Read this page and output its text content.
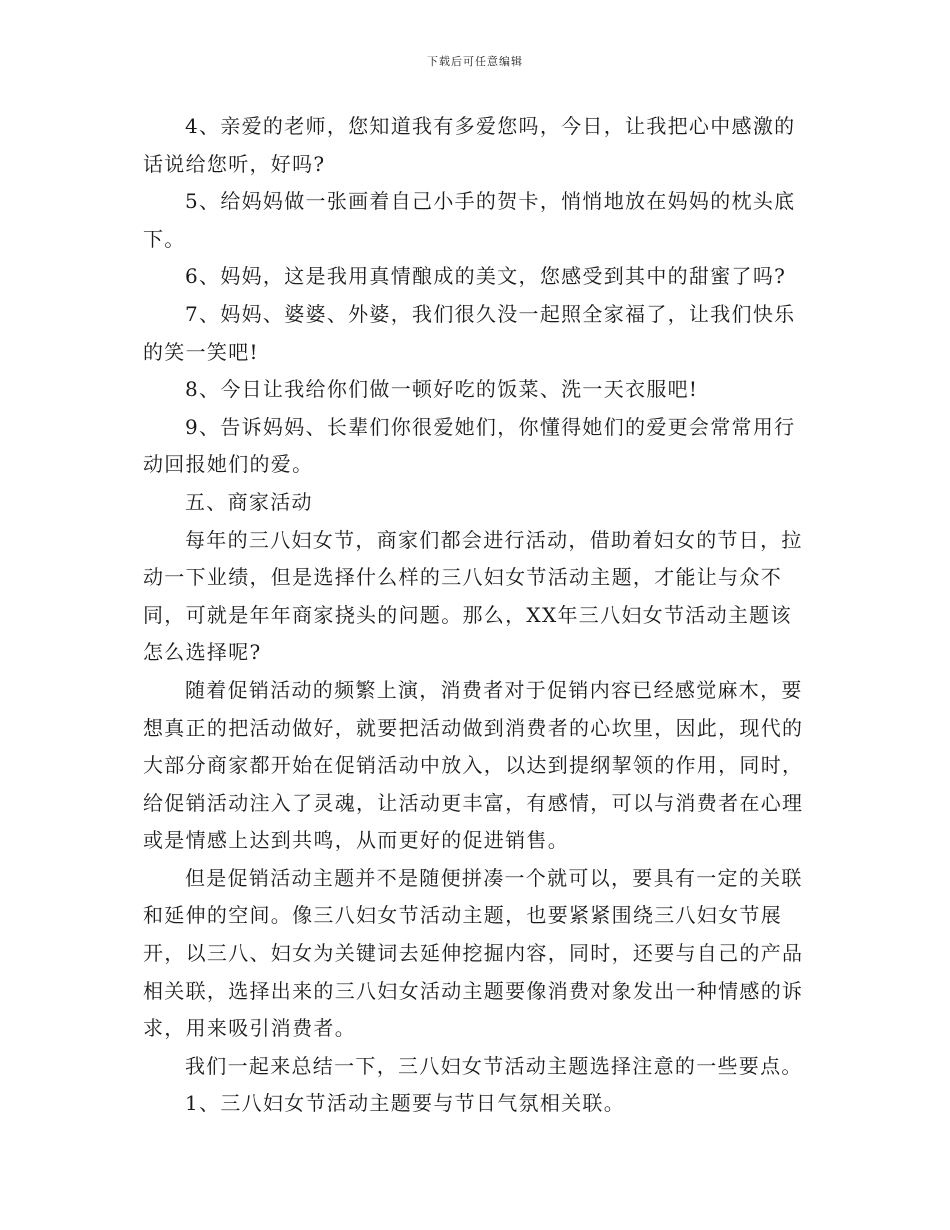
下载后可任意编辑

4、亲爱的老师，您知道我有多爱您吗，今日，让我把心中感激的话说给您听，好吗?

5、给妈妈做一张画着自己小手的贺卡，悄悄地放在妈妈的枕头底下。

6、妈妈，这是我用真情酿成的美文，您感受到其中的甜蜜了吗?

7、妈妈、婆婆、外婆，我们很久没一起照全家福了，让我们快乐的笑一笑吧!

8、今日让我给你们做一顿好吃的饭菜、洗一天衣服吧!

9、告诉妈妈、长辈们你很爱她们，你懂得她们的爱更会常常用行动回报她们的爱。

五、商家活动

每年的三八妇女节，商家们都会进行活动，借助着妇女的节日，拉动一下业绩，但是选择什么样的三八妇女节活动主题，才能让与众不同，可就是年年商家挠头的问题。那么，XX年三八妇女节活动主题该怎么选择呢?

随着促销活动的频繁上演，消费者对于促销内容已经感觉麻木，要想真正的把活动做好，就要把活动做到消费者的心坎里，因此，现代的大部分商家都开始在促销活动中放入，以达到提纲挈领的作用，同时，给促销活动注入了灵魂，让活动更丰富，有感情，可以与消费者在心理或是情感上达到共鸣，从而更好的促进销售。

但是促销活动主题并不是随便拼凑一个就可以，要具有一定的关联和延伸的空间。像三八妇女节活动主题，也要紧紧围绕三八妇女节展开，以三八、妇女为关键词去延伸挖掘内容，同时，还要与自己的产品相关联，选择出来的三八妇女活动主题要像消费对象发出一种情感的诉求，用来吸引消费者。

我们一起来总结一下，三八妇女节活动主题选择注意的一些要点。

1、三八妇女节活动主题要与节日气氛相关联。
